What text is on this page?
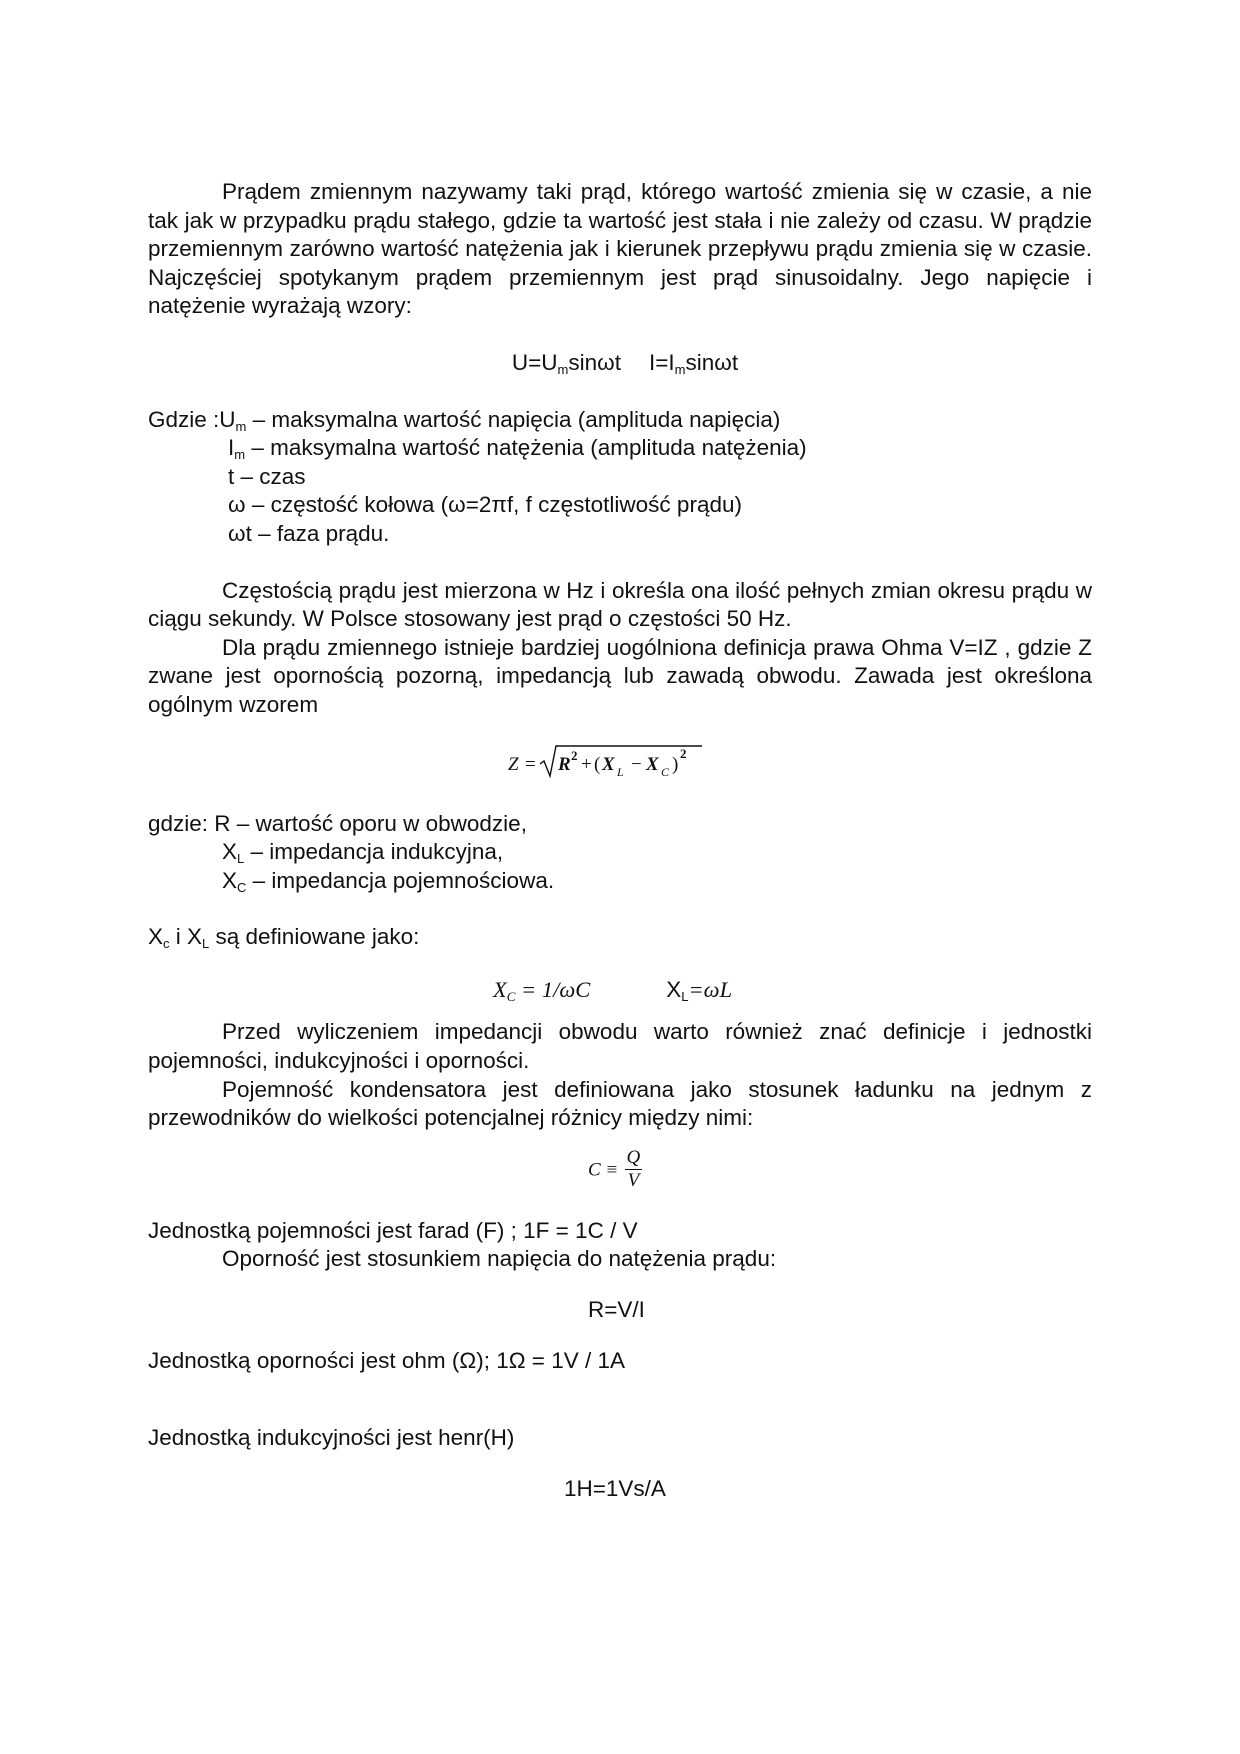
Prądem zmiennym nazywamy taki prąd, którego wartość zmienia się w czasie, a nie tak jak w przypadku prądu stałego, gdzie ta wartość jest stała i nie zależy od czasu. W prądzie przemiennym zarówno wartość natężenia jak i kierunek przepływu prądu zmienia się w czasie. Najczęściej spotykanym prądem przemiennym jest prąd sinusoidalny. Jego napięcie i natężenie wyrażają wzory:

$U=U_m\sin\omega t$ $I=I_m\sin\omega t$

Gdzie $:U_m$ – maksymalna wartość napięcia (amplituda napięcia)

$I_m$ – maksymalna wartość natężenia (amplituda natężenia)

t – czas

ω – częstość kołowa (ω=2πf, f częstotliwość prądu)

ωt – faza prądu.

Częstością prądu jest mierzona w Hz i określa ona ilość pełnych zmian okresu prądu w ciągu sekundy. W Polsce stosowany jest prąd o częstości 50 Hz.

Dla prądu zmiennego istnieje bardziej uogólniona definicja prawa Ohma V=IZ , gdzie Z zwane jest opornością pozorną, impedancją lub zawadą obwodu. Zawada jest określona ogólnym wzorem

Z = R 2 + ( X L − X C )
2

gdzie: R – wartość oporu w obwodzie,

$X_L$ – impedancja indukcyjna,

$X_C$ – impedancja pojemnościowa.

$X_c$ i $X_L$ są definiowane jako:

$X_C = 1/\omega C$	$X_L=\omega L$

Przed wyliczeniem impedancji obwodu warto również znać definicje i jednostki pojemności, indukcyjności i oporności.

Pojemność kondensatora jest definiowana jako stosunek ładunku na jednym z przewodników do wielkości potencjalnej różnicy między nimi:

$C \equiv \frac{Q}{V}$

Jednostką pojemności jest farad (F) ; 1F = 1C / V

Oporność jest stosunkiem napięcia do natężenia prądu:

R=V/I

Jednostką oporności jest ohm (Ω); 1Ω = 1V / 1A

Jednostką indukcyjności jest henr(H)

1H=1Vs/A
